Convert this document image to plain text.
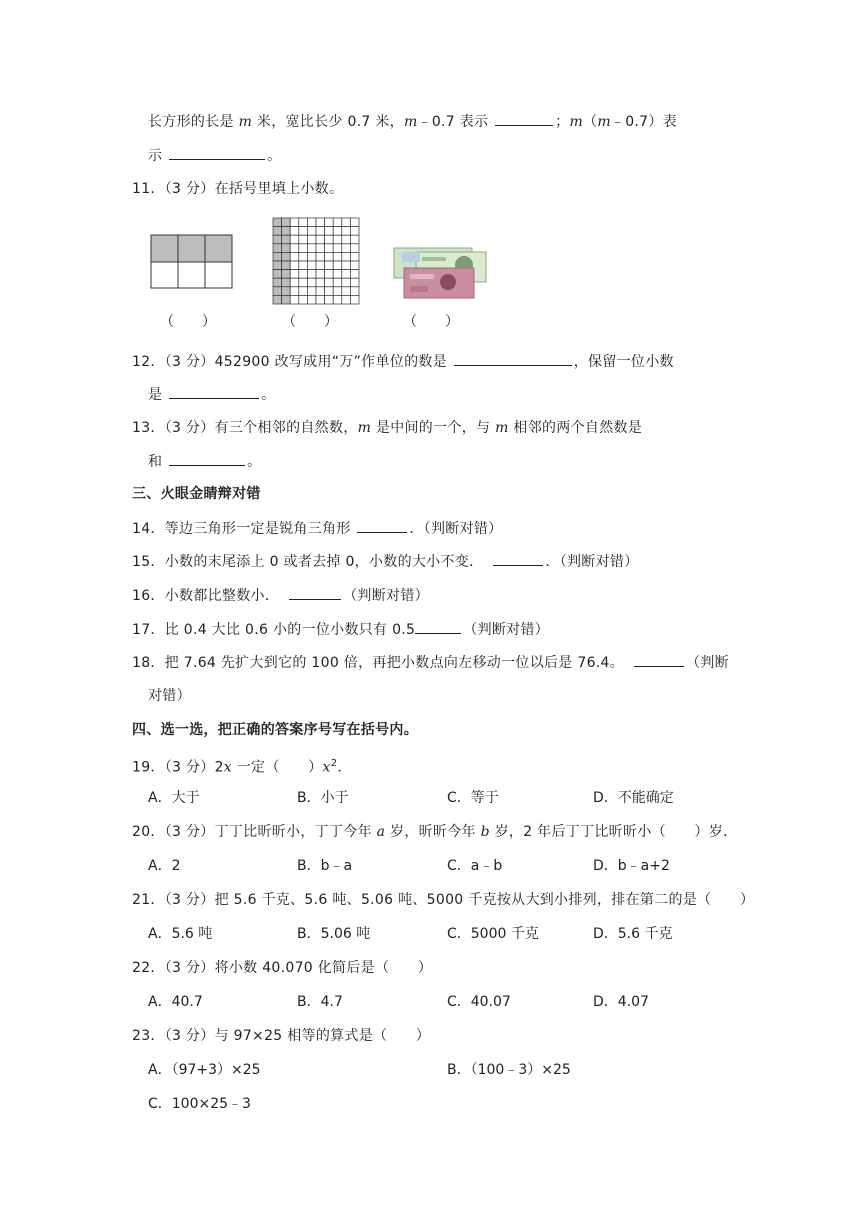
长方形的长是 m 米，宽比长少 0.7 米，m﹣0.7 表示	；m（m﹣0.7）表
示	。
11．（3 分）在括号里填上小数。
（　　）	（　　）	（　　）
12．（3 分）452900 改写成用“万”作单位的数是	，保留一位小数
是	。
13．（3 分）有三个相邻的自然数，m 是中间的一个，与 m 相邻的两个自然数是
和	。
三、火眼金睛辩对错
14．等边三角形一定是锐角三角形	．（判断对错）
15．小数的末尾添上 0 或者去掉 0，小数的大小不变．	．（判断对错）
16．小数都比整数小．	（判断对错）
17．比 0.4 大比 0.6 小的一位小数只有 0.5	（判断对错）
18．把 7.64 先扩大到它的 100 倍，再把小数点向左移动一位以后是 76.4。	（判断
对错）
四、选一选，把正确的答案序号写在括号内。
19．（3 分）2x 一定（　　）$x^2$．
A．大于	B．小于	C．等于	D．不能确定
20．（3 分）丁丁比昕昕小，丁丁今年 a 岁，昕昕今年 b 岁，2 年后丁丁比昕昕小（　　）岁．
A．2	B．b﹣a	C．a﹣b	D．b﹣a+2
21．（3 分）把 5.6 千克、5.6 吨、5.06 吨、5000 千克按从大到小排列，排在第二的是（　　）
A．5.6 吨	B．5.06 吨	C．5000 千克	D．5.6 千克
22．（3 分）将小数 40.070 化简后是（　　）
A．40.7	B．4.7	C．40.07	D．4.07
23．（3 分）与 97×25 相等的算式是（　　）
A．（97+3）×25	B．（100﹣3）×25
C．100×25﹣3
